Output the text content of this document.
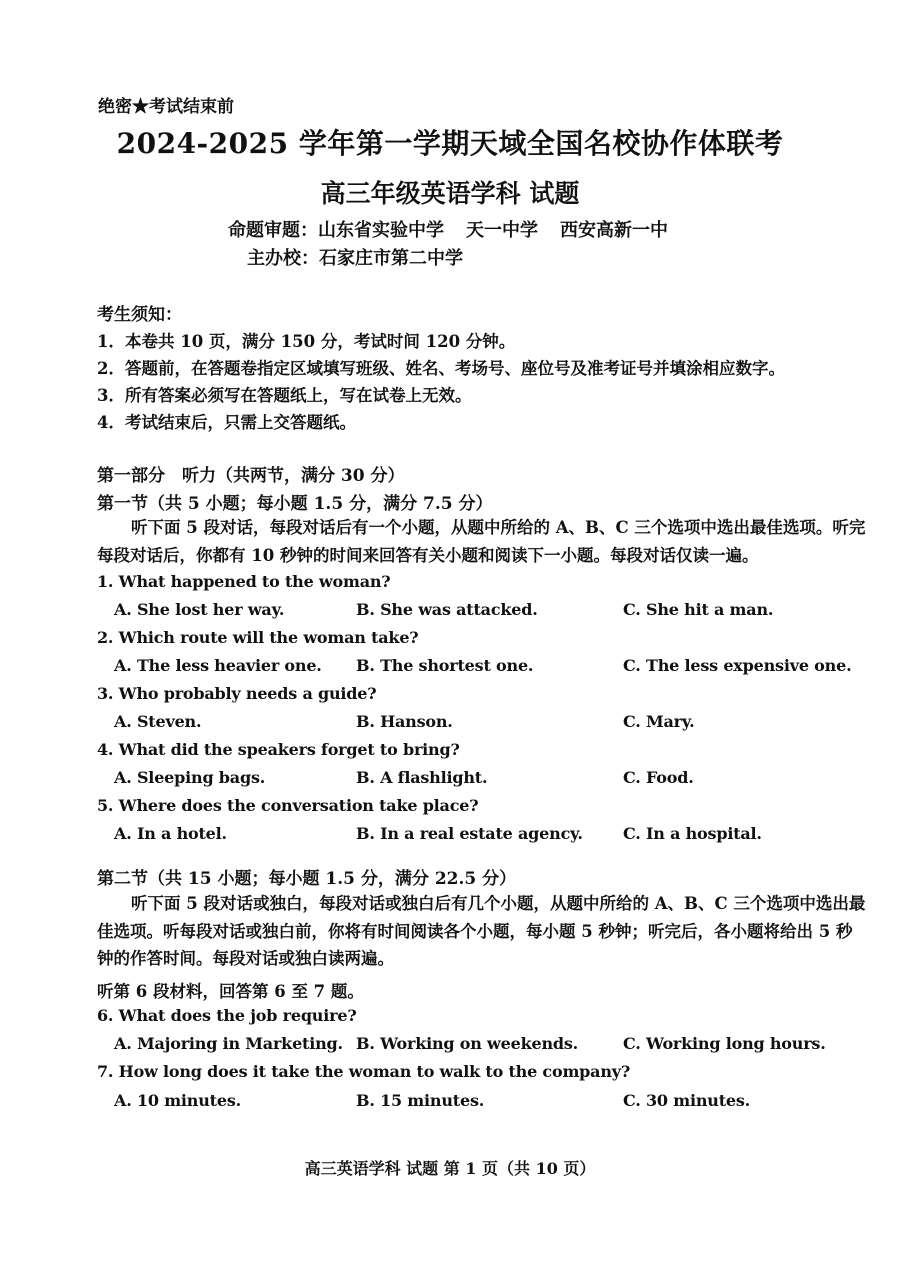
绝密★考试结束前
2024-2025 学年第一学期天域全国名校协作体联考
高三年级英语学科 试题
命题审题：山东省实验中学 天一中学 西安高新一中
主办校：石家庄市第二中学
考生须知：
1．本卷共 10 页，满分 150 分，考试时间 120 分钟。
2．答题前，在答题卷指定区域填写班级、姓名、考场号、座位号及准考证号并填涂相应数字。
3．所有答案必须写在答题纸上，写在试卷上无效。
4．考试结束后，只需上交答题纸。
第一部分　听力（共两节，满分 30 分）
第一节（共 5 小题；每小题 1.5 分，满分 7.5 分）
听下面 5 段对话，每段对话后有一个小题，从题中所给的 A、B、C 三个选项中选出最佳选项。听完每段对话后，你都有 10 秒钟的时间来回答有关小题和阅读下一小题。每段对话仅读一遍。
1. What happened to the woman?
A. She lost her way.	B. She was attacked.	C. She hit a man.
2. Which route will the woman take?
A. The less heavier one. B. The shortest one.	C. The less expensive one.
3. Who probably needs a guide?
A. Steven.	B. Hanson.	C. Mary.
4. What did the speakers forget to bring?
A. Sleeping bags.	B. A flashlight.	C. Food.
5. Where does the conversation take place?
A. In a hotel.	B. In a real estate agency.	C. In a hospital.
第二节（共 15 小题；每小题 1.5 分，满分 22.5 分）
听下面 5 段对话或独白，每段对话或独白后有几个小题，从题中所给的 A、B、C 三个选项中选出最佳选项。听每段对话或独白前，你将有时间阅读各个小题，每小题 5 秒钟；听完后，各小题将给出 5 秒钟的作答时间。每段对话或独白读两遍。
听第 6 段材料，回答第 6 至 7 题。
6. What does the job require?
A. Majoring in Marketing. B. Working on weekends.	C. Working long hours.
7. How long does it take the woman to walk to the company?
A. 10 minutes.	B. 15 minutes.	C. 30 minutes.
高三英语学科 试题 第 1 页（共 10 页）
